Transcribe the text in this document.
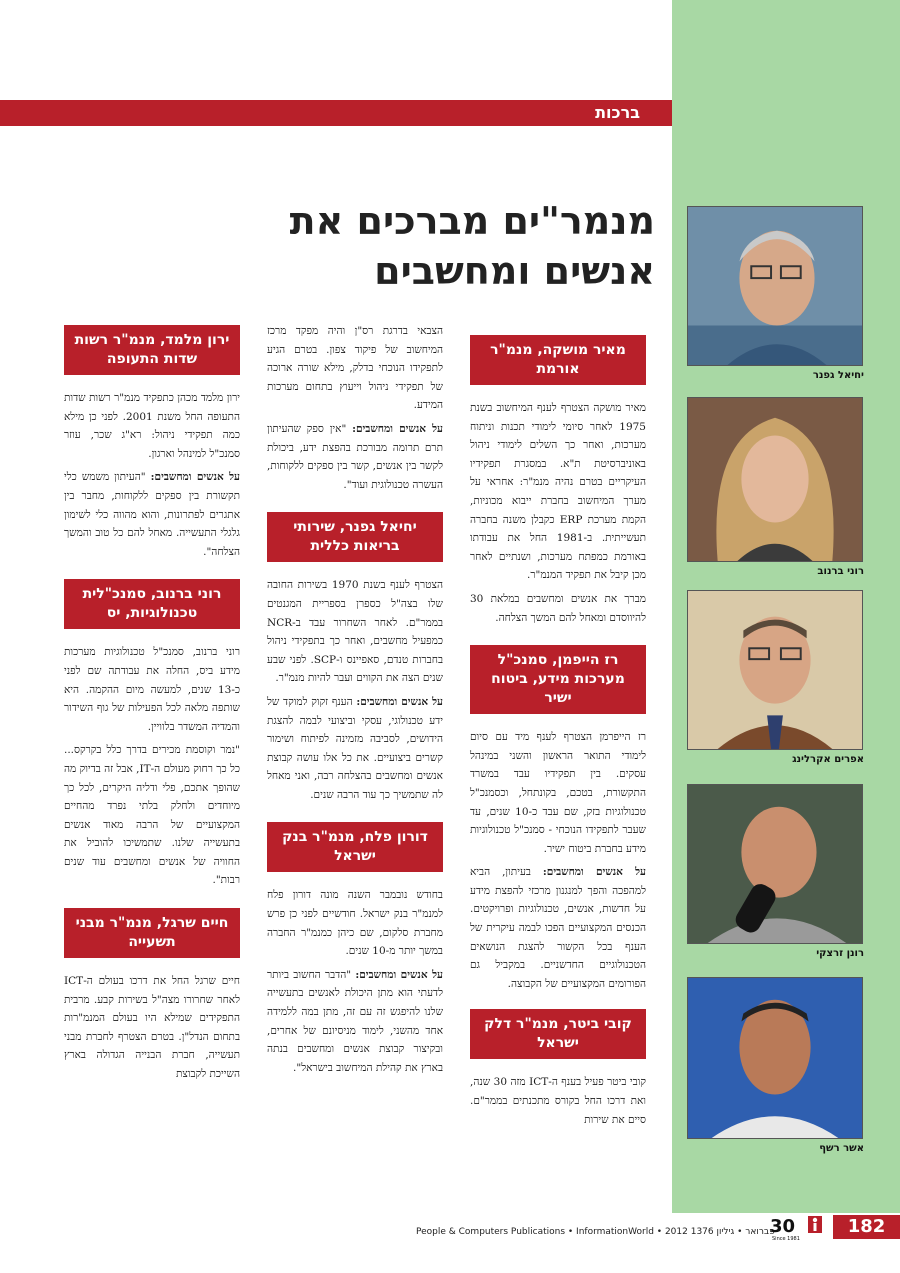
ברכות
מנמר"ים מברכים את אנשים ומחשבים
מאיר מושקה, מנמ"ר אורמת

מאיר מושקה הצטרף לענף המיחשוב בשנת 1975 לאחר סיומי לימודי תכנות וניתוח מערכות, ואחר כך השלים לימודי ניהול באוניברסיטת ת"א. במסגרת תפקידיו העיקריים בטרם נהיה מנמ"ר: אחראי על מערך המיחשוב בחברת ייבוא מכוניות, הקמת מערכת ERP כקבלן משנה בחברה תעשייתית. ב-1981 החל את עבודתו באורמת כמפתח מערכות, ושנתיים לאחר מכן קיבל את תפקיד המנמ"ר.

מברך את אנשים ומחשבים במלאת 30 להיווסדם ומאחל להם המשך הצלחה.

רז הייפמן, סמנכ"ל מערכות מידע, ביטוח ישיר

רז הייפרמן הצטרף לענף מיד עם סיום לימודי התואר הראשון והשני במינהל עסקים. בין תפקידיו עבד במשרד התקשורת, בטכם, בקונתחל, וכסמנכ"ל טכנולוגיות בזק, שם עבד כ-10 שנים, עד שעבר לתפקידו הנוכחי - סמנכ"ל טכנולוגיות מידע בחברת ביטוח ישיר.

על אנשים ומחשבים: בעיתון, הביא למהפכה והפך למנגנון מרכזי להפצת מידע על חדשות, אנשים, טכנולוגיות ופרויקטים. הכנסים המקצועיים הפכו לבמה עיקרית של הענף בכל הקשור להצגת הנושאים הטכנולוגיים החדשניים. במקביל גם הפורומים המקצועיים של הקבוצה.

קובי ביטר, מנמ"ר דלק ישראל

קובי ביטר פעיל בענף ה-ICT מזה 30 שנה, ואת דרכו החל בקורס מתכנתים בממר"ם. סיים את שירות

הצבאי בדרגת רס"ן והיה מפקד מרכז המיחשוב של פיקוד צפון. בטרם הגיע לתפקידו הנוכחי בדלק, מילא שורה ארוכה של תפקידי ניהול וייעוץ בתחום מערכות המידע.

על אנשים ומחשבים: "אין ספק שהעיתון תרם תרומה מבורכת בהפצת ידע, ביכולת לקשר בין אנשים, קשר בין ספקים ללקוחות, העשרה טכנולוגית ועוד".

יחיאל גפנר, שירותי בריאות כללית

הצטרף לענף בשנת 1970 בשירות החובה שלו בצה"ל כספרן בספריית המגנטים בממר"ם. לאחר השחרור עבד ב-NCR כמפעיל מחשבים, ואחר כך בתפקידי ניהול בחברות טנדם, סאפיינס ו-SCP. לפני שבע שנים הצה את הקווים ועבר להיות מנמ"ר.

על אנשים ומחשבים: הענף זקוק למוקד של ידע טכנולוגי, עסקי וביצועי לבמה להצגת הידושים, לסביבה מזמינה לפיתוח ושימור קשרים ביצועיים. את כל אלו עושה קבוצת אנשים ומחשבים בהצלחה רבה, ואני מאחל לה שתמשיך כך עוד הרבה שנים.

דורון פלח, מנמ"ר בנק ישראל

בחודש נובמבר השנה מונה דורון פלח למנמ"ר בנק ישראל. חודשיים לפני כן פרש מחברת סלקום, שם כיהן כמנמ"ר החברה במשך יותר מ-10 שנים.

על אנשים ומחשבים: "הדבר החשוב ביותר לדעתי הוא מתן היכולת לאנשים בתעשייה שלנו להיפגש זה עם זה, מתן במה ללמידה אחד מהשני, לימוד מניסיונם של אחרים, ובקיצור קבוצת אנשים ומחשבים בנתה בארץ את קהילת המיחשוב בישראל".

ירון מלמד, מנמ"ר רשות שדות התעופה

ירון מלמד מכהן כתפקיד מנמ"ר רשות שדות התעופה החל משנת 2001. לפני כן מילא כמה תפקידי ניהול: רא"ג שכר, עוזר סמנכ"ל למינהל וארגון.

על אנשים ומחשבים: "העיתון משמש כלי תקשורת בין ספקים ללקוחות, מחבר בין אתגרים לפתרונות, והוא מהווה כלי לשימון גלגלי התעשייה. מאחל להם כל טוב והמשך הצלחה".

רוני ברנוב, סמנכ"לית טכנולוגיות, יס

רוני ברנוב, סמנכ"ל טכנולוגיות מערכות מידע ביס, החלה את עבודתה שם לפני כ-13 שנים, למעשה מיום ההקמה. היא שותפה מלאה לכל הפעילות של גוף השידור והמדיה המשדר בלוויין.

"נמר וקוסמת מכירים בדרך כלל בקרקס... כל כך רחוק מעולם ה-IT, אבל זה בדיוק מה שהופך אתכם, פלי ודליה היקרים, לכל כך מיוחדים ולחלק בלתי נפרד מהחיים המקצועיים של הרבה מאוד אנשים בתעשייה שלנו. שתמשיכו להוביל את החוויה של אנשים ומחשבים עוד שנים רבות".

חיים שרגל, מנמ"ר מבני תשעייה

חיים שרגל החל את דרכו בעולם ה-ICT לאחר שחרורו מצה"ל בשירות קבע. מרבית התפקידים שמילא היו בעולם המנמ"רות בתחום הנדל"ן. בטרם הצטרף לחברת מבני תעשייה, חברת הבנייה הגדולה בארץ השייכת לקבוצת

יחיאל גפנר
רוני ברנוב
אפרים אקרלינג
רונן זרצקי
אשר רשף
People & Computers Publications • InformationWorld • 2012 פברואר • גיליון 1376
30
Since 1981
182
